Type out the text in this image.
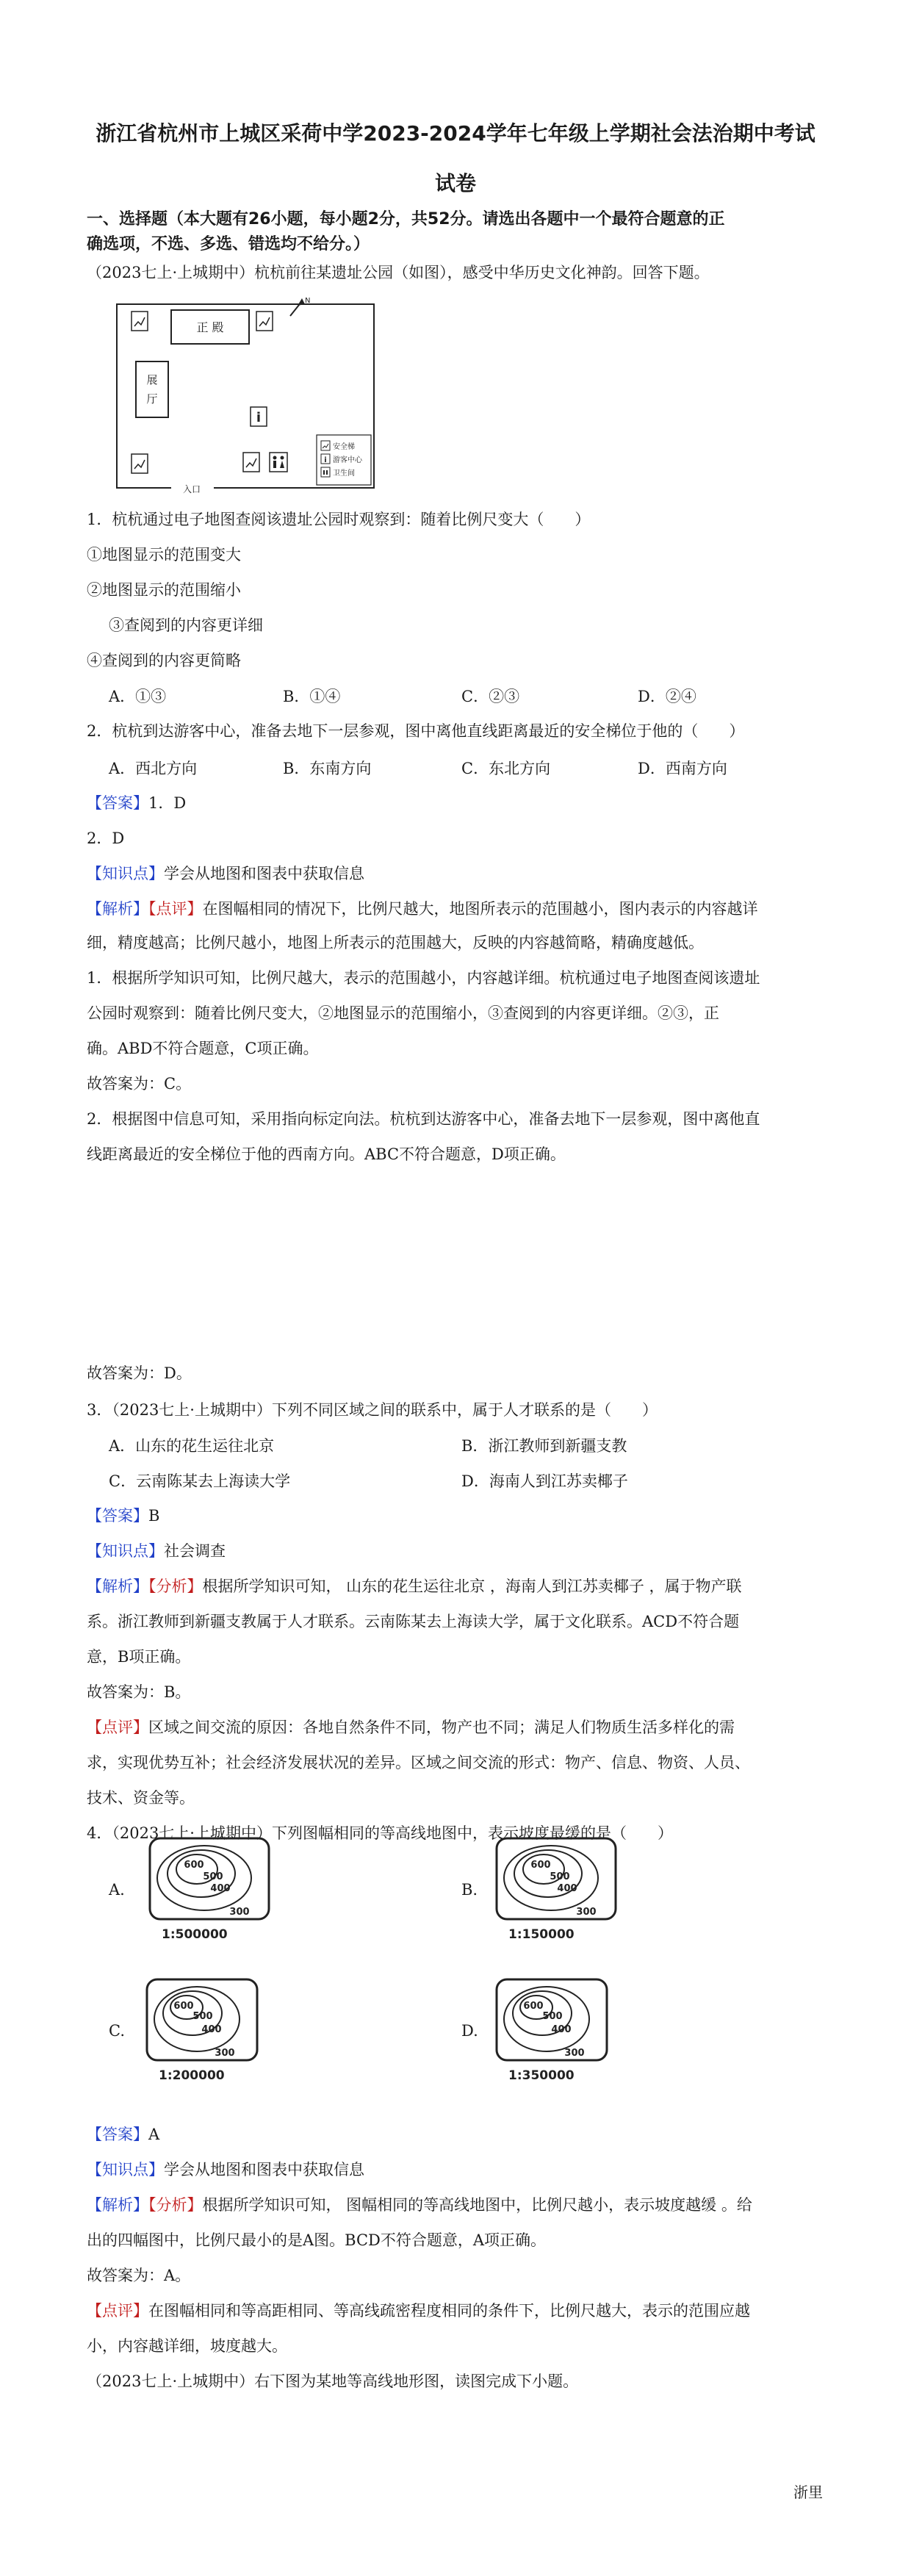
浙江省杭州市上城区采荷中学2023-2024学年七年级上学期社会法治期中考试
试卷
一、选择题（本大题有26小题，每小题2分，共52分。请选出各题中一个最符合题意的正
确选项，不选、多选、错选均不给分。）
（2023七上·上城期中）杭杭前往某遗址公园（如图），感受中华历史文化神韵。回答下题。
N
正 殿
展
厅
i
安全梯
i 游客中心
卫生间
入口
1．杭杭通过电子地图查阅该遗址公园时观察到：随着比例尺变大（　　）
①地图显示的范围变大
②地图显示的范围缩小
③查阅到的内容更详细
④查阅到的内容更简略
A．①③	B．①④	C．②③	D．②④
2．杭杭到达游客中心，准备去地下一层参观，图中离他直线距离最近的安全梯位于他的（　　）
A．西北方向	B．东南方向	C．东北方向	D．西南方向
【答案】1．D
2．D
【知识点】学会从地图和图表中获取信息
【解析】【点评】在图幅相同的情况下，比例尺越大，地图所表示的范围越小，图内表示的内容越详
细，精度越高；比例尺越小，地图上所表示的范围越大，反映的内容越简略，精确度越低。
1．根据所学知识可知，比例尺越大，表示的范围越小，内容越详细。杭杭通过电子地图查阅该遗址
公园时观察到：随着比例尺变大，②地图显示的范围缩小，③查阅到的内容更详细。②③，正
确。ABD不符合题意，C项正确。
故答案为：C。
2．根据图中信息可知，采用指向标定向法。杭杭到达游客中心，准备去地下一层参观，图中离他直
线距离最近的安全梯位于他的西南方向。ABC不符合题意，D项正确。
故答案为：D。
3．（2023七上·上城期中）下列不同区域之间的联系中，属于人才联系的是（　　）
A．山东的花生运往北京	B．浙江教师到新疆支教
C．云南陈某去上海读大学	D．海南人到江苏卖椰子
【答案】B
【知识点】社会调查
【解析】【分析】根据所学知识可知， 山东的花生运往北京 ，海南人到江苏卖椰子 ，属于物产联
系。浙江教师到新疆支教属于人才联系。云南陈某去上海读大学，属于文化联系。ACD不符合题
意，B项正确。
故答案为：B。
【点评】区域之间交流的原因：各地自然条件不同，物产也不同；满足人们物质生活多样化的需
求，实现优势互补；社会经济发展状况的差异。区域之间交流的形式：物产、信息、物资、人员、
技术、资金等。
4．（2023七上·上城期中）下列图幅相同的等高线地图中，表示坡度最缓的是（　　）
A.
600
500
400
300
1:500000
B.
600
500
400
300
1:150000
C.
600
500
400
300
1:200000
D.
600
500
400
300
1:350000
【答案】A
【知识点】学会从地图和图表中获取信息
【解析】【分析】根据所学知识可知， 图幅相同的等高线地图中，比例尺越小，表示坡度越缓 。给
出的四幅图中，比例尺最小的是A图。BCD不符合题意，A项正确。
故答案为：A。
【点评】在图幅相同和等高距相同、等高线疏密程度相同的条件下，比例尺越大，表示的范围应越
小，内容越详细，坡度越大。
（2023七上·上城期中）右下图为某地等高线地形图，读图完成下小题。
浙里
